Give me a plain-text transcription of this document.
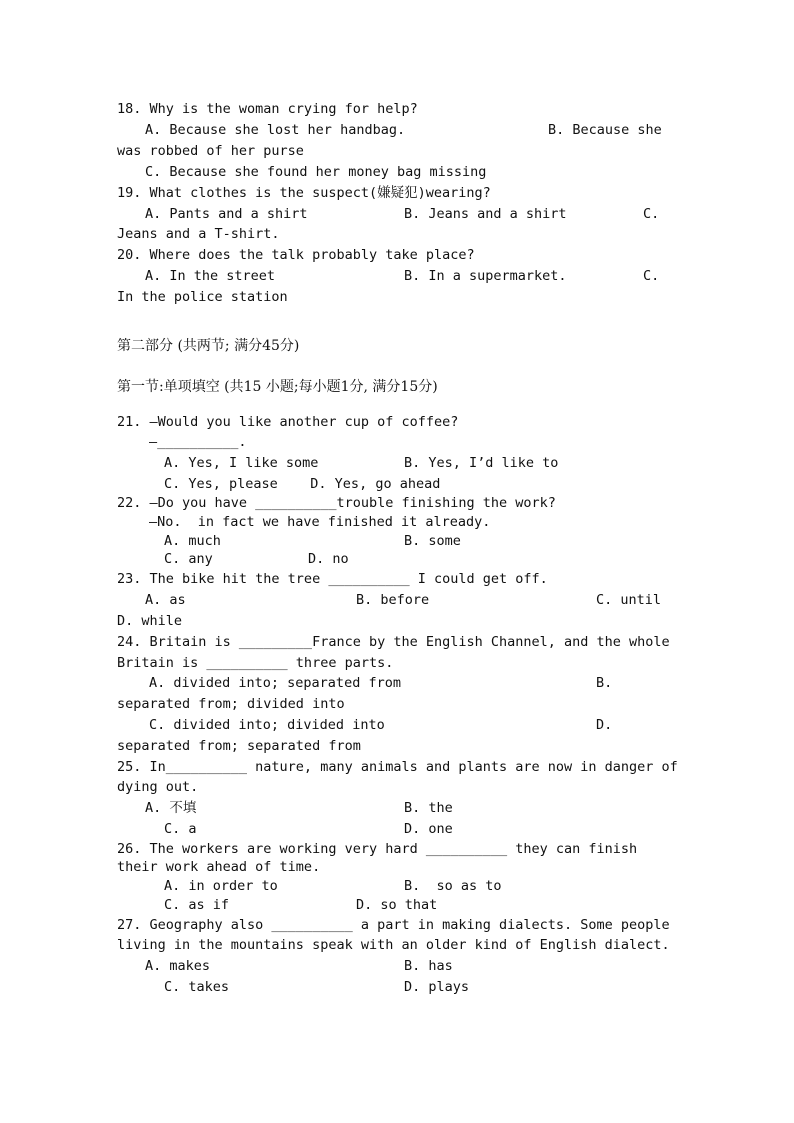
18. Why is the woman crying for help?
A. Because she lost her handbag.	B. Because she
was robbed of her purse
C. Because she found her money bag missing
19. What clothes is the suspect(嫌疑犯)wearing?
A. Pants and a shirt	B. Jeans and a shirt	C.
Jeans and a T-shirt.
20. Where does the talk probably take place?
A. In the street	B. In a supermarket.	C.
In the police station
第二部分 (共两节; 满分45分)
第一节:单项填空 (共15 小题;每小题1分, 满分15分)
21. —Would you like another cup of coffee?
—__________.
A. Yes, I like some	B. Yes, I’d like to
C. Yes, please    D. Yes, go ahead
22. —Do you have __________trouble finishing the work?
—No.  in fact we have finished it already.
A. much	B. some
C. any	D. no
23. The bike hit the tree __________ I could get off.
A. as	B. before	C. until
D. while
24. Britain is _________France by the English Channel, and the whole
Britain is __________ three parts.
A. divided into; separated from	B.
separated from; divided into
C. divided into; divided into	D.
separated from; separated from
25. In__________ nature, many animals and plants are now in danger of
dying out.
A. 不填	B. the
C. a	D. one
26. The workers are working very hard __________ they can finish
their work ahead of time.
A. in order to	B.  so as to
C. as if	D. so that
27. Geography also __________ a part in making dialects. Some people
living in the mountains speak with an older kind of English dialect.
A. makes	B. has
C. takes	D. plays
